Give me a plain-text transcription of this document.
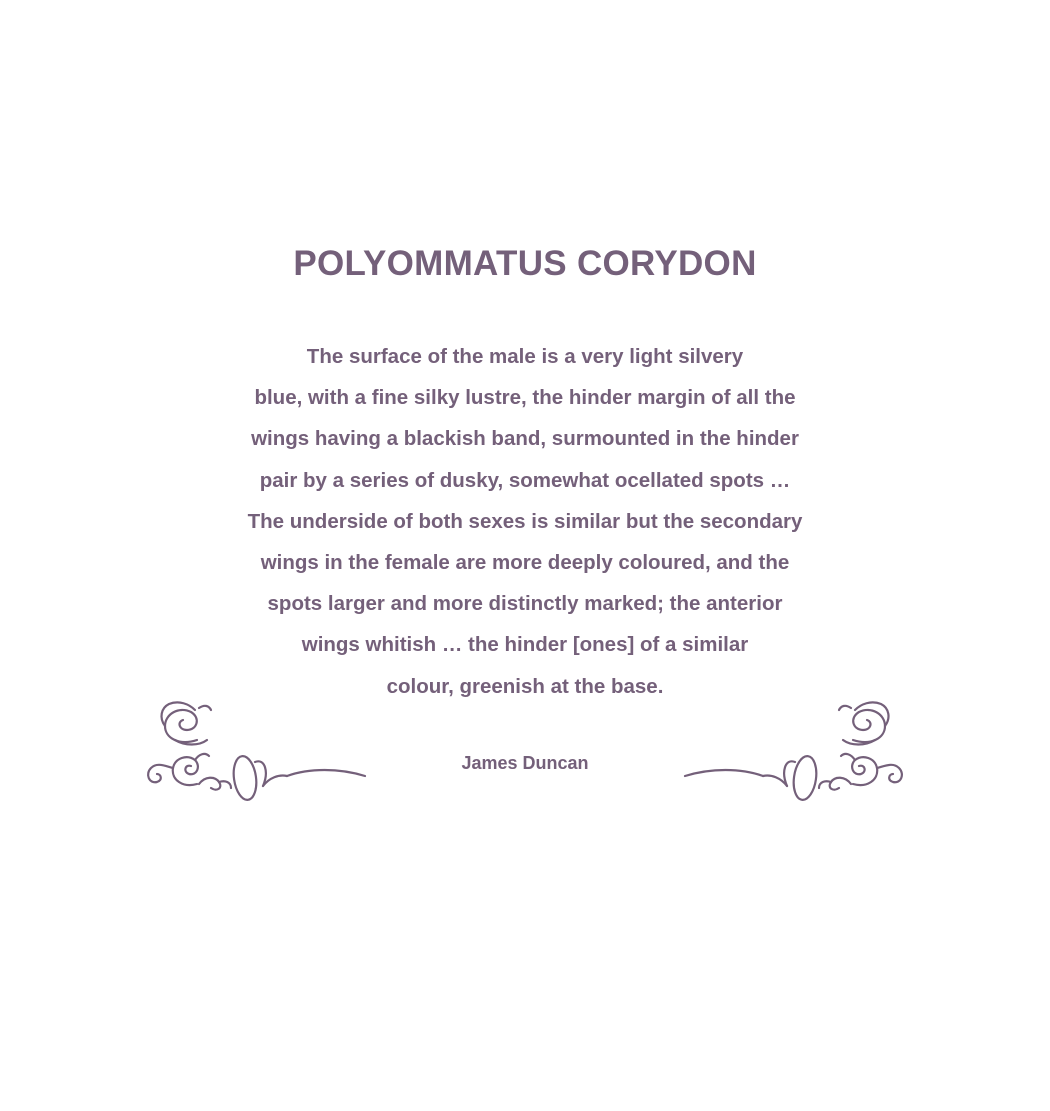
POLYOMMATUS CORYDON
The surface of the male is a very light silvery
blue, with a fine silky lustre, the hinder margin of all the
wings having a blackish band, surmounted in the hinder
pair by a series of dusky, somewhat ocellated spots …
The underside of both sexes is similar but the secondary
wings in the female are more deeply coloured, and the
spots larger and more distinctly marked; the anterior
wings whitish … the hinder [ones] of a similar
colour, greenish at the base.
James Duncan
